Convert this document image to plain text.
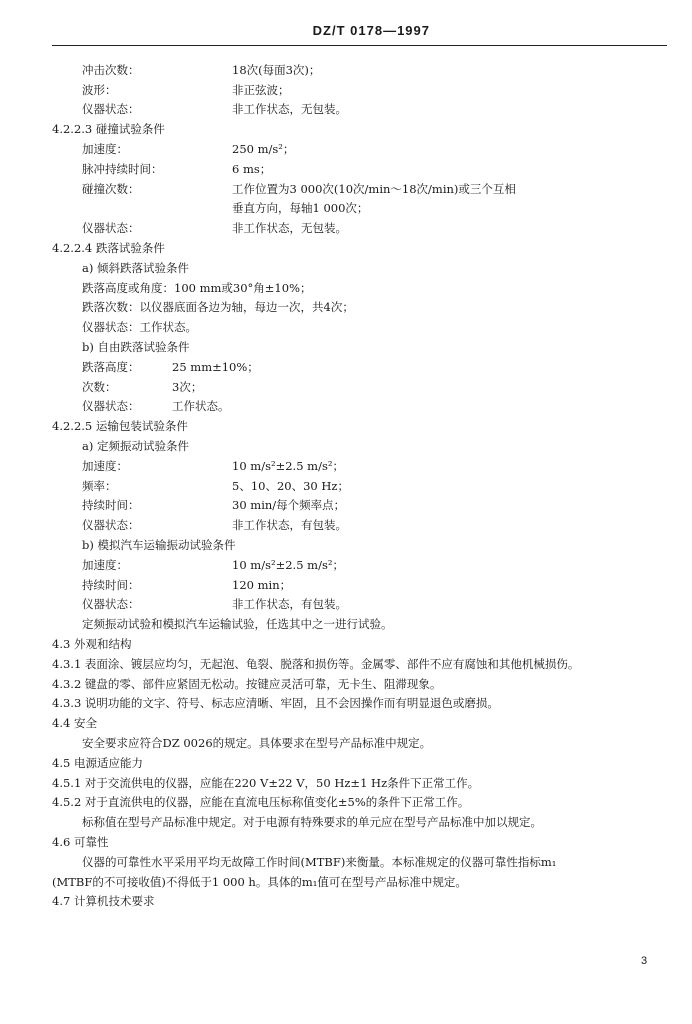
DZ/T 0178—1997
冲击次数：	18次(每面3次)；
波形：	非正弦波；
仪器状态：	非工作状态，无包装。
4.2.2.3 碰撞试验条件
加速度：	250 m/s²；
脉冲持续时间：	6 ms；
碰撞次数：	工作位置为3 000次(10次/min～18次/min)或三个互相
垂直方向，每轴1 000次；
仪器状态：	非工作状态，无包装。
4.2.2.4 跌落试验条件
a) 倾斜跌落试验条件
跌落高度或角度：100 mm或30°角±10%；
跌落次数：以仪器底面各边为轴，每边一次，共4次；
仪器状态：工作状态。
b) 自由跌落试验条件
跌落高度：	25 mm±10%；
次数：	3次；
仪器状态：	工作状态。
4.2.2.5 运输包装试验条件
a) 定频振动试验条件
加速度：	10 m/s²±2.5 m/s²；
频率：	5、10、20、30 Hz；
持续时间：	30 min/每个频率点；
仪器状态：	非工作状态，有包装。
b) 模拟汽车运输振动试验条件
加速度：	10 m/s²±2.5 m/s²；
持续时间：	120 min；
仪器状态：	非工作状态，有包装。
定频振动试验和模拟汽车运输试验，任选其中之一进行试验。
4.3 外观和结构
4.3.1 表面涂、镀层应均匀，无起泡、龟裂、脱落和损伤等。金属零、部件不应有腐蚀和其他机械损伤。
4.3.2 键盘的零、部件应紧固无松动。按键应灵活可靠，无卡生、阻滞现象。
4.3.3 说明功能的文字、符号、标志应清晰、牢固，且不会因操作而有明显退色或磨损。
4.4 安全
安全要求应符合DZ 0026的规定。具体要求在型号产品标准中规定。
4.5 电源适应能力
4.5.1 对于交流供电的仪器，应能在220 V±22 V，50 Hz±1 Hz条件下正常工作。
4.5.2 对于直流供电的仪器，应能在直流电压标称值变化±5%的条件下正常工作。
标称值在型号产品标准中规定。对于电源有特殊要求的单元应在型号产品标准中加以规定。
4.6 可靠性
仪器的可靠性水平采用平均无故障工作时间(MTBF)来衡量。本标准规定的仪器可靠性指标m₁
(MTBF的不可接收值)不得低于1 000 h。具体的m₁值可在型号产品标准中规定。
4.7 计算机技术要求
3
